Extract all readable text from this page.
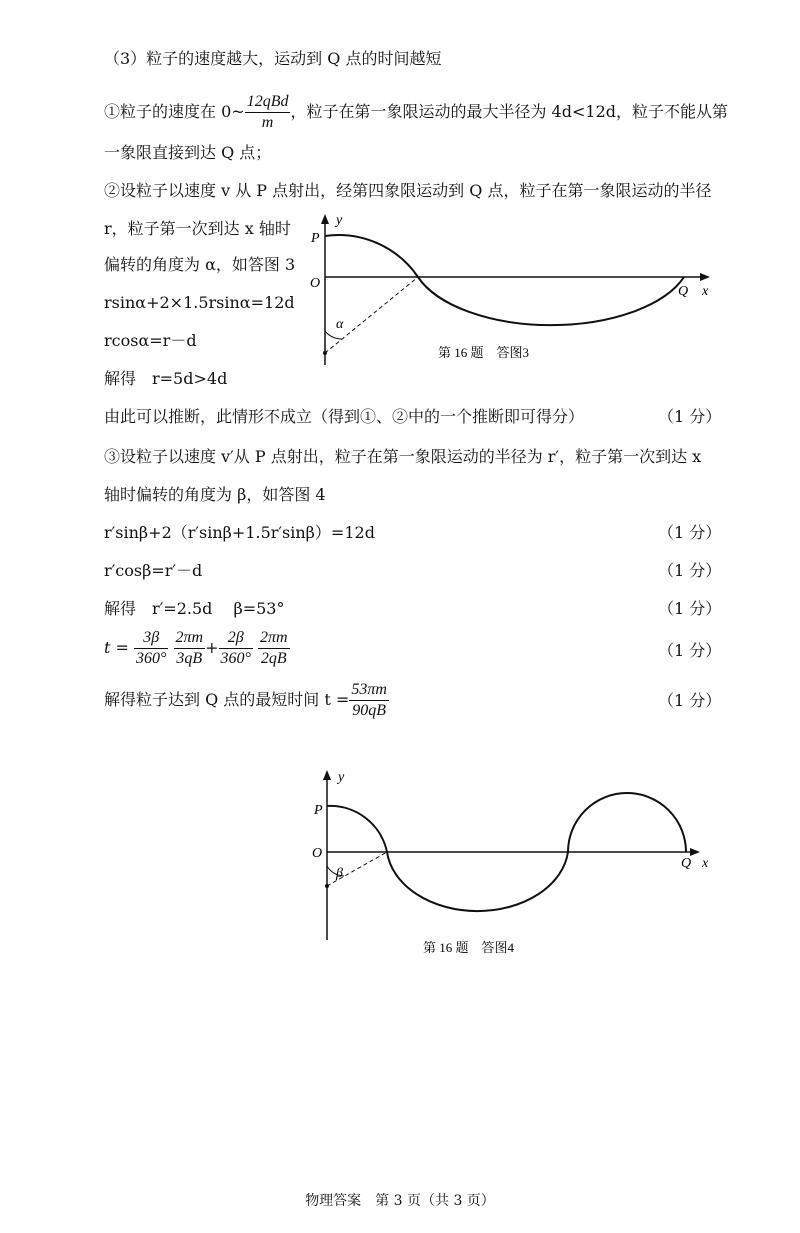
（3）粒子的速度越大，运动到 Q 点的时间越短
①粒子的速度在 0~ $\frac{\text{12qBd}}{m}$ ，粒子在第一象限运动的最大半径为 4d<12d，粒子不能从第
一象限直接到达 Q 点；
②设粒子以速度 v 从 P 点射出，经第四象限运动到 Q 点，粒子在第一象限运动的半径
r，粒子第一次到达 x 轴时
偏转的角度为 α，如答图 3
rsinα+2×1.5rsinα=12d
rcosα=r－d
解得　r=5d>4d
由此可以推断，此情形不成立（得到①、②中的一个推断即可得分）	（1 分）
③设粒子以速度 v′从 P 点射出，粒子在第一象限运动的半径为 r′，粒子第一次到达 x
轴时偏转的角度为 β，如答图 4
r′sinβ+2（r′sinβ+1.5r′sinβ）=12d	（1 分）
r′cosβ=r′－d	（1 分）
解得　r′=2.5d　 β=53°	（1 分）
$t = \frac{3\beta}{360^\circ}$
$\frac{2\pi m}{3qB} + \frac{2\beta}{360^\circ}$
$\frac{2\pi m}{2qB}$	（1 分）
解得粒子达到 Q 点的最短时间 $t = \frac{53\pi m}{90qB}$	（1 分）
y
P
O
Q x
α
第 16 题　答图3
y
P
O
Q x
β
第 16 题　答图4
物理答案　第 3 页（共 3 页）
